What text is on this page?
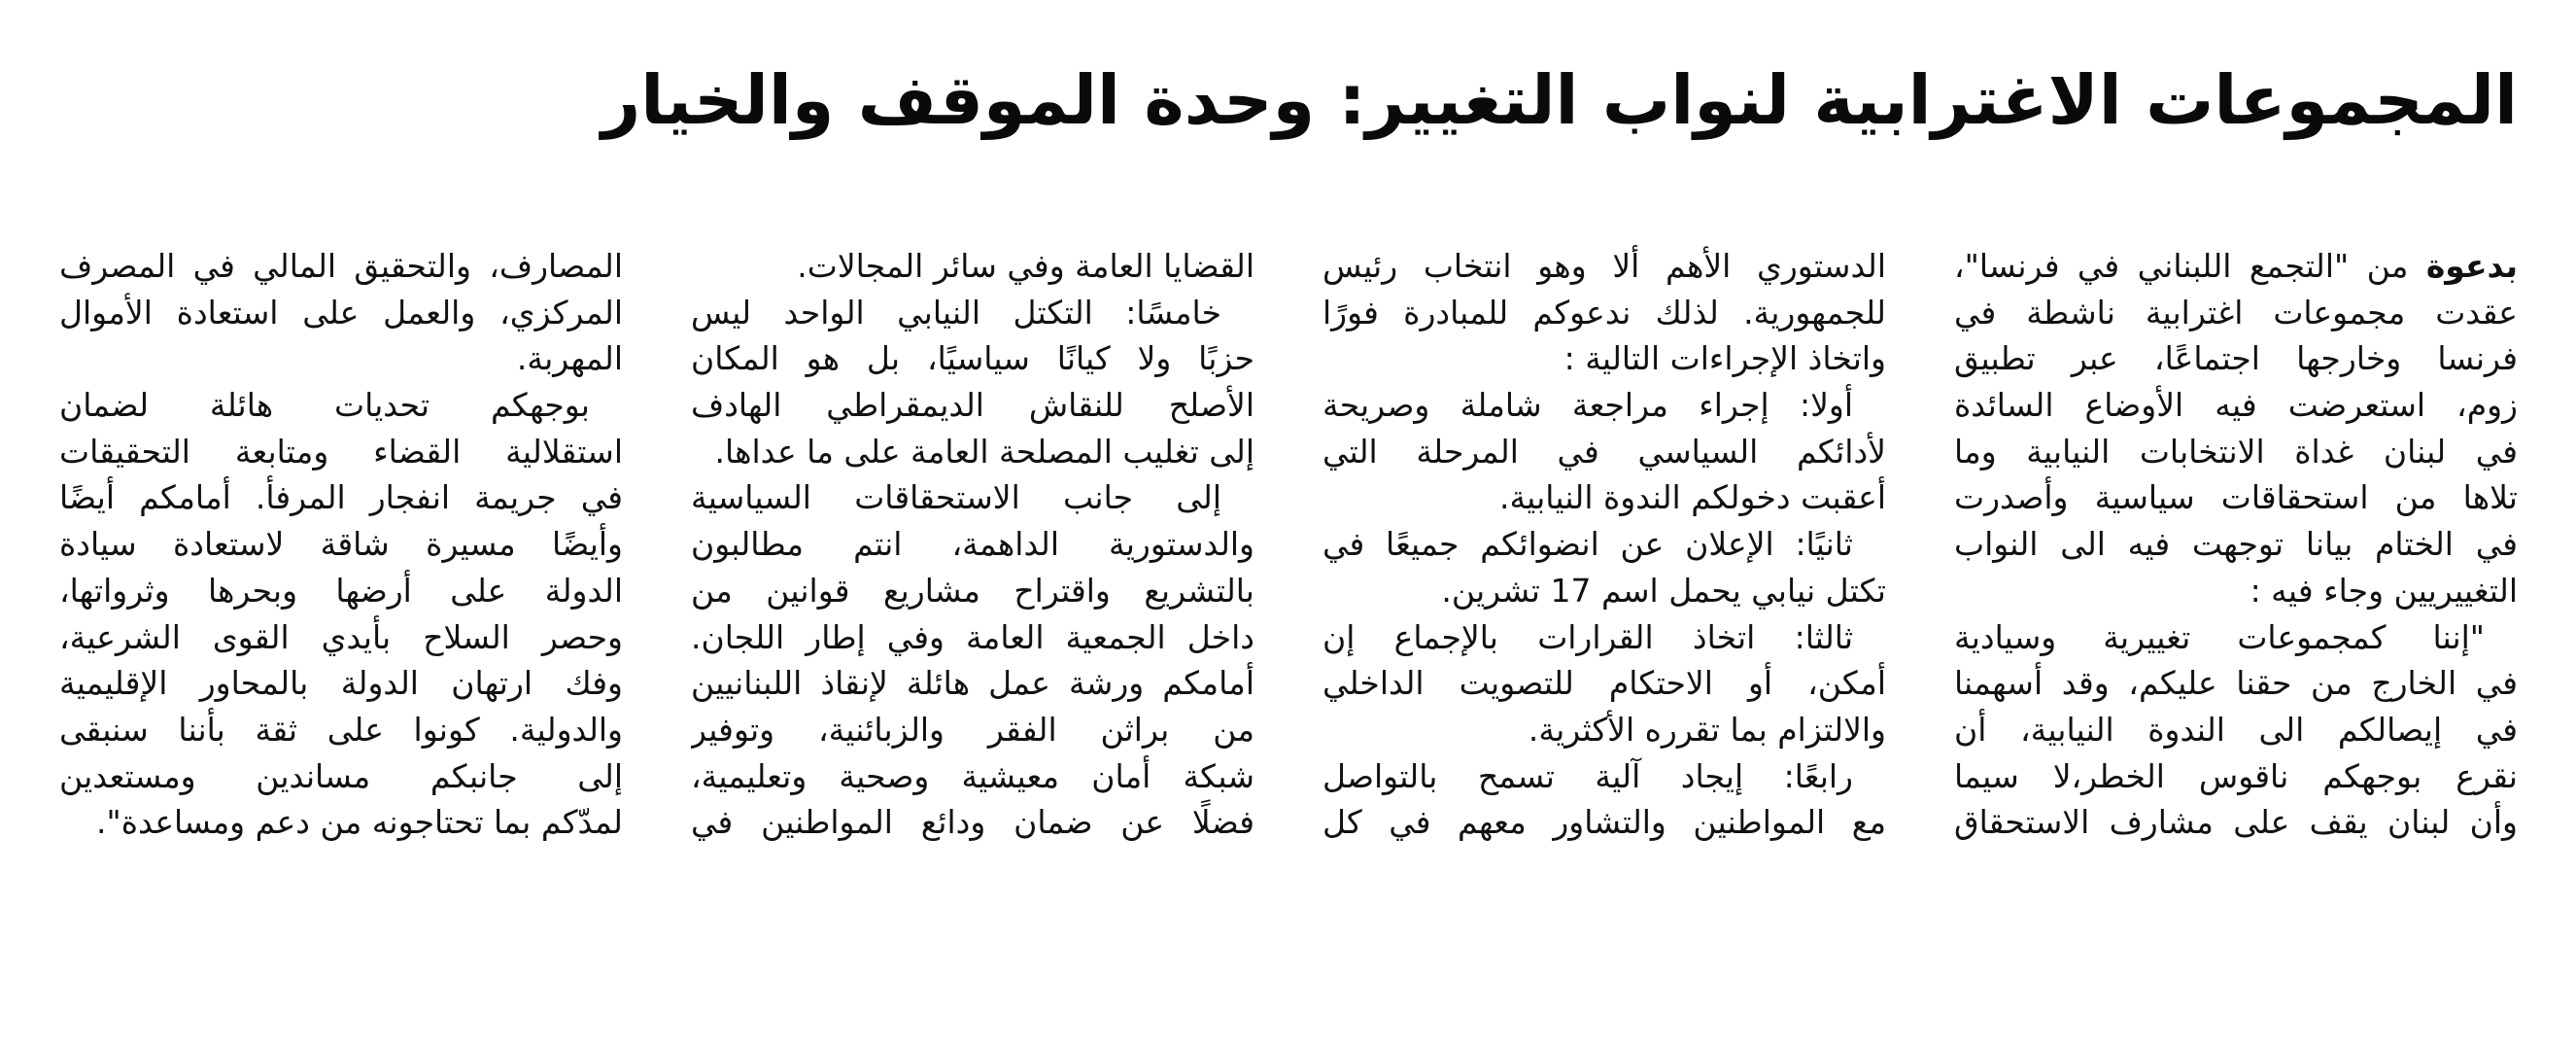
المجموعات الاغترابية لنواب التغيير: وحدة الموقف والخيار
بدعوة من "التجمع اللبناني في فرنسا"،
عقدت مجموعات اغترابية ناشطة في
فرنسا وخارجها اجتماعًا، عبر تطبيق
زوم، استعرضت فيه الأوضاع السائدة
في لبنان غداة الانتخابات النيابية وما
تلاها من استحقاقات سياسية وأصدرت
في الختام بيانا توجهت فيه الى النواب
التغييريين وجاء فيه :
"إننا كمجموعات تغييرية وسيادية
في الخارج من حقنا عليكم، وقد أسهمنا
في إيصالكم الى الندوة النيابية، أن
نقرع بوجهكم ناقوس الخطر،لا سيما
وأن لبنان يقف على مشارف الاستحقاق
الدستوري الأهم ألا وهو انتخاب رئيس
للجمهورية. لذلك ندعوكم للمبادرة فورًا
واتخاذ الإجراءات التالية :
أولا: إجراء مراجعة شاملة وصريحة
لأدائكم السياسي في المرحلة التي
أعقبت دخولكم الندوة النيابية.
ثانيًا: الإعلان عن انضوائكم جميعًا في
تكتل نيابي يحمل اسم 17 تشرين.
ثالثا: اتخاذ القرارات بالإجماع إن
أمكن، أو الاحتكام للتصويت الداخلي
والالتزام بما تقرره الأكثرية.
رابعًا: إيجاد آلية تسمح بالتواصل
مع المواطنين والتشاور معهم في كل
القضايا العامة وفي سائر المجالات.
خامسًا: التكتل النيابي الواحد ليس
حزبًا ولا كيانًا سياسيًا، بل هو المكان
الأصلح للنقاش الديمقراطي الهادف
إلى تغليب المصلحة العامة على ما عداها.
إلى جانب الاستحقاقات السياسية
والدستورية الداهمة، انتم مطالبون
بالتشريع واقتراح مشاريع قوانين من
داخل الجمعية العامة وفي إطار اللجان.
أمامكم ورشة عمل هائلة لإنقاذ اللبنانيين
من براثن الفقر والزبائنية، وتوفير
شبكة أمان معيشية وصحية وتعليمية،
فضلًا عن ضمان ودائع المواطنين في
المصارف، والتحقيق المالي في المصرف
المركزي، والعمل على استعادة الأموال
المهربة.
بوجهكم تحديات هائلة لضمان
استقلالية القضاء ومتابعة التحقيقات
في جريمة انفجار المرفأ. أمامكم أيضًا
وأيضًا مسيرة شاقة لاستعادة سيادة
الدولة على أرضها وبحرها وثرواتها،
وحصر السلاح بأيدي القوى الشرعية،
وفك ارتهان الدولة بالمحاور الإقليمية
والدولية. كونوا على ثقة بأننا سنبقى
إلى جانبكم مساندين ومستعدين
لمدّكم بما تحتاجونه من دعم ومساعدة".
